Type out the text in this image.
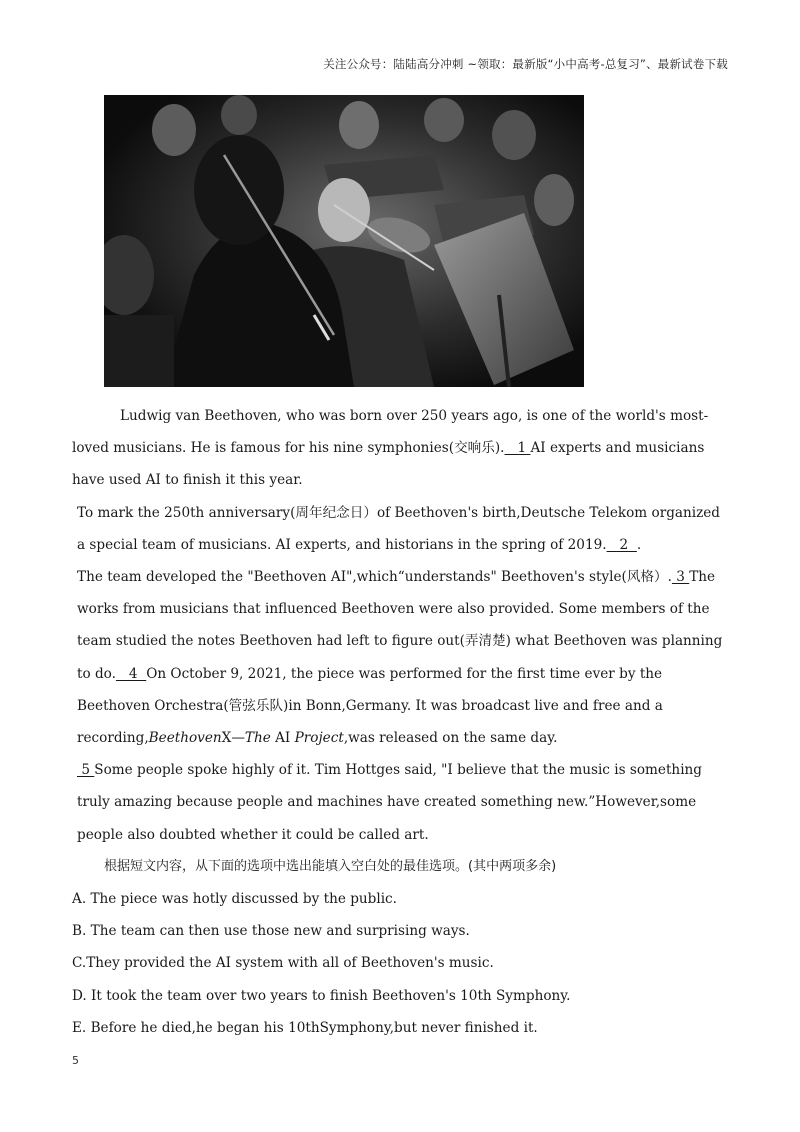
关注公众号：陆陆高分冲刺 ~领取：最新版“小中高考-总复习”、最新试卷下载

Ludwig van Beethoven, who was born over 250 years ago, is one of the world's most-loved musicians. He is famous for his nine symphonies(交响乐).   1 AI experts and musicians have used AI to finish it this year.

To mark the 250th anniversary(周年纪念日）of Beethoven's birth,Deutsche Telekom organized a special team of musicians. AI experts, and historians in the spring of 2019.   2  .

The team developed the "Beethoven AI",which“understands" Beethoven's style(风格）. 3 The works from musicians that influenced Beethoven were also provided. Some members of the team studied the notes Beethoven had left to figure out(弄清楚) what Beethoven was planning to do.   4  On October 9, 2021, the piece was performed for the first time ever by the Beethoven Orchestra(管弦乐队)in Bonn,Germany. It was broadcast live and free and a recording,BeethovenX—The AI Project,was released on the same day.

5 Some people spoke highly of it. Tim Hottges said, "I believe that the music is something truly amazing because people and machines have created something new.”However,some people also doubted whether it could be called art.

根据短文内容，从下面的选项中选出能填入空白处的最佳选项。(其中两项多余)

A. The piece was hotly discussed by the public.

B. The team can then use those new and surprising ways.

C.They provided the AI system with all of Beethoven's music.

D. It took the team over two years to finish Beethoven's 10th Symphony.

E. Before he died,he began his 10thSymphony,but never finished it.

5
